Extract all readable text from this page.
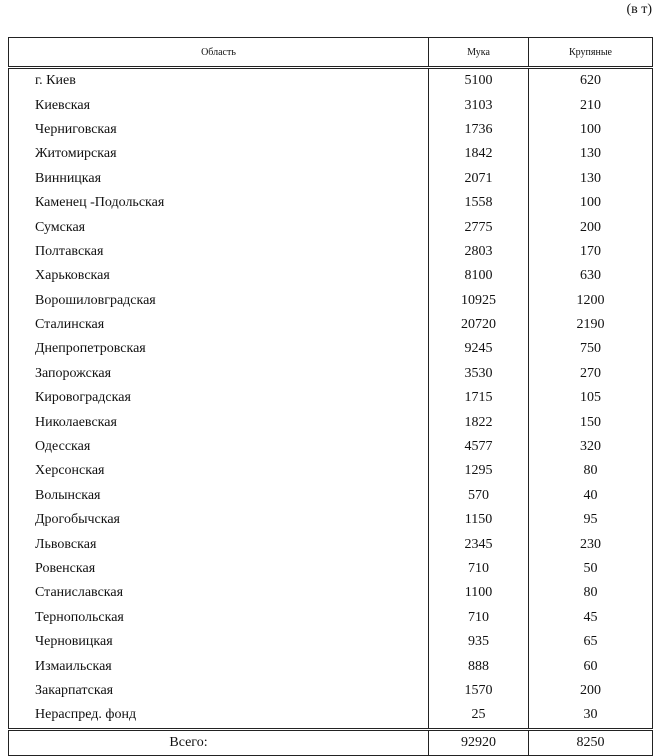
(в т)
Область	Мука	Крупяные
г. Киев	5100	620
Киевская	3103	210
Черниговская	1736	100
Житомирская	1842	130
Винницкая	2071	130
Каменец -Подольская	1558	100
Сумская	2775	200
Полтавская	2803	170
Харьковская	8100	630
Ворошиловградская	10925	1200
Сталинская	20720	2190
Днепропетровская	9245	750
Запорожская	3530	270
Кировоградская	1715	105
Николаевская	1822	150
Одесская	4577	320
Херсонская	1295	80
Волынская	570	40
Дрогобычская	1150	95
Львовская	2345	230
Ровенская	710	50
Станиславская	1100	80
Тернопольская	710	45
Черновицкая	935	65
Измаильская	888	60
Закарпатская	1570	200
Нераспред. фонд	25	30
Всего:	92920	8250
